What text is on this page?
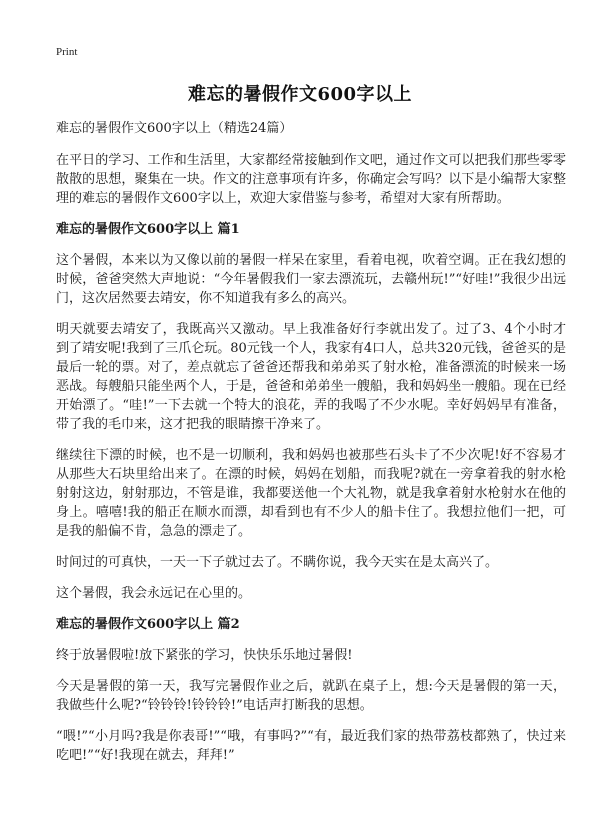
Print
难忘的暑假作文600字以上

难忘的暑假作文600字以上（精选24篇）

在平日的学习、工作和生活里，大家都经常接触到作文吧，通过作文可以把我们那些零零散散的思想，聚集在一块。作文的注意事项有许多，你确定会写吗？以下是小编帮大家整理的难忘的暑假作文600字以上，欢迎大家借鉴与参考，希望对大家有所帮助。

难忘的暑假作文600字以上 篇1

这个暑假，本来以为又像以前的暑假一样呆在家里，看着电视，吹着空调。正在我幻想的时候，爸爸突然大声地说：“今年暑假我们一家去漂流玩，去赣州玩!”“好哇!”我很少出远门，这次居然要去靖安，你不知道我有多么的高兴。

明天就要去靖安了，我既高兴又激动。早上我准备好行李就出发了。过了3、4个小时才到了靖安呢!我到了三爪仑玩。80元钱一个人，我家有4口人，总共320元钱，爸爸买的是最后一轮的票。对了，差点就忘了爸爸还帮我和弟弟买了射水枪，准备漂流的时候来一场恶战。每艘船只能坐两个人，于是，爸爸和弟弟坐一艘船，我和妈妈坐一艘船。现在已经开始漂了。“哇!”一下去就一个特大的浪花，弄的我喝了不少水呢。幸好妈妈早有准备，带了我的毛巾来，这才把我的眼睛擦干净来了。

继续往下漂的时候，也不是一切顺利，我和妈妈也被那些石头卡了不少次呢!好不容易才从那些大石块里给出来了。在漂的时候，妈妈在划船，而我呢?就在一旁拿着我的射水枪射射这边，射射那边，不管是谁，我都要送他一个大礼物，就是我拿着射水枪射水在他的身上。嘻嘻!我的船正在顺水而漂，却看到也有不少人的船卡住了。我想拉他们一把，可是我的船偏不肯，急急的漂走了。

时间过的可真快，一天一下子就过去了。不瞒你说，我今天实在是太高兴了。

这个暑假，我会永远记在心里的。

难忘的暑假作文600字以上 篇2

终于放暑假啦!放下紧张的学习，快快乐乐地过暑假!

今天是暑假的第一天，我写完暑假作业之后，就趴在桌子上，想:今天是暑假的第一天，我做些什么呢?“铃铃铃!铃铃铃!”电话声打断我的思想。

“喂!”“小月吗?我是你表哥!”“哦，有事吗?”“有，最近我们家的热带荔枝都熟了，快过来吃吧!”“好!我现在就去，拜拜!”
